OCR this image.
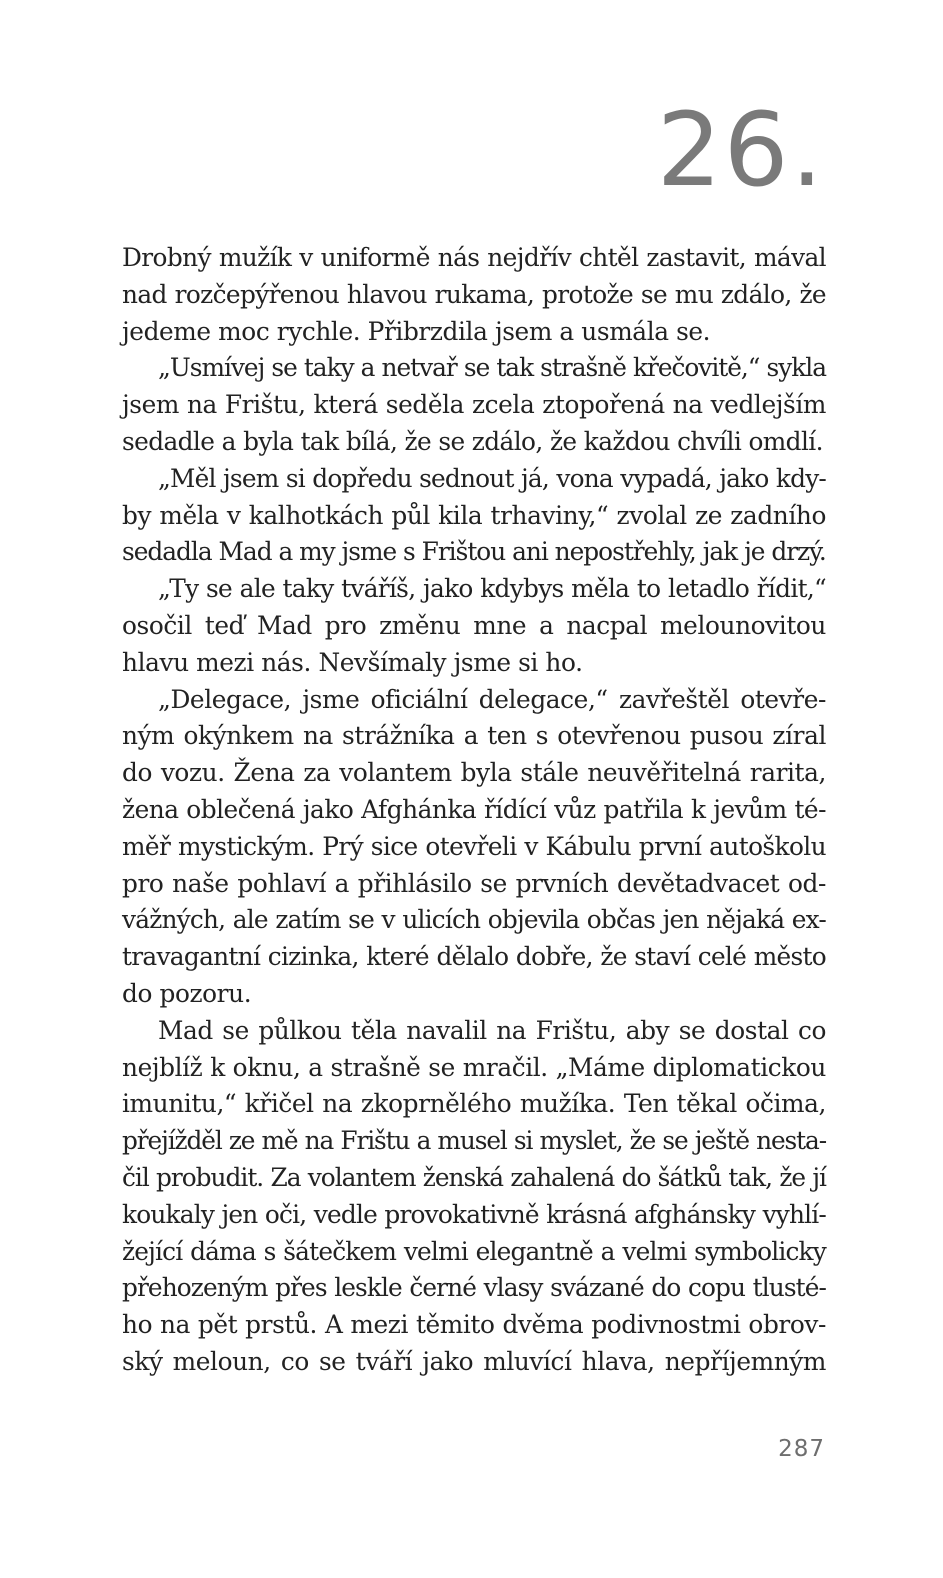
26.
Drobný mužík v uniformě nás nejdřív chtěl zastavit, mával
nad rozčepýřenou hlavou rukama, protože se mu zdálo, že
jedeme moc rychle. Přibrzdila jsem a usmála se.
„Usmívej se taky a netvař se tak strašně křečovitě,“ sykla
jsem na Frištu, která seděla zcela ztopořená na vedlejším
sedadle a byla tak bílá, že se zdálo, že každou chvíli omdlí.
„Měl jsem si dopředu sednout já, vona vypadá, jako kdy-
by měla v kalhotkách půl kila trhaviny,“ zvolal ze zadního
sedadla Mad a my jsme s Frištou ani nepostřehly, jak je drzý.
„Ty se ale taky tváříš, jako kdybys měla to letadlo řídit,“
osočil teď Mad pro změnu mne a nacpal melounovitou
hlavu mezi nás. Nevšímaly jsme si ho.
„Delegace, jsme oficiální delegace,“ zavřeštěl otevře-
ným okýnkem na strážníka a ten s otevřenou pusou zíral
do vozu. Žena za volantem byla stále neuvěřitelná rarita,
žena oblečená jako Afghánka řídící vůz patřila k jevům té-
měř mystickým. Prý sice otevřeli v Kábulu první autoškolu
pro naše pohlaví a přihlásilo se prvních devětadvacet od-
vážných, ale zatím se v ulicích objevila občas jen nějaká ex-
travagantní cizinka, které dělalo dobře, že staví celé město
do pozoru.
Mad se půlkou těla navalil na Frištu, aby se dostal co
nejblíž k oknu, a strašně se mračil. „Máme diplomatickou
imunitu,“ křičel na zkoprnělého mužíka. Ten těkal očima,
přejížděl ze mě na Frištu a musel si myslet, že se ještě nesta-
čil probudit. Za volantem ženská zahalená do šátků tak, že jí
koukaly jen oči, vedle provokativně krásná afghánsky vyhlí-
žející dáma s šátečkem velmi elegantně a velmi symbolicky
přehozeným přes leskle černé vlasy svázané do copu tlusté-
ho na pět prstů. A mezi těmito dvěma podivnostmi obrov-
ský meloun, co se tváří jako mluvící hlava, nepříjemným
287
